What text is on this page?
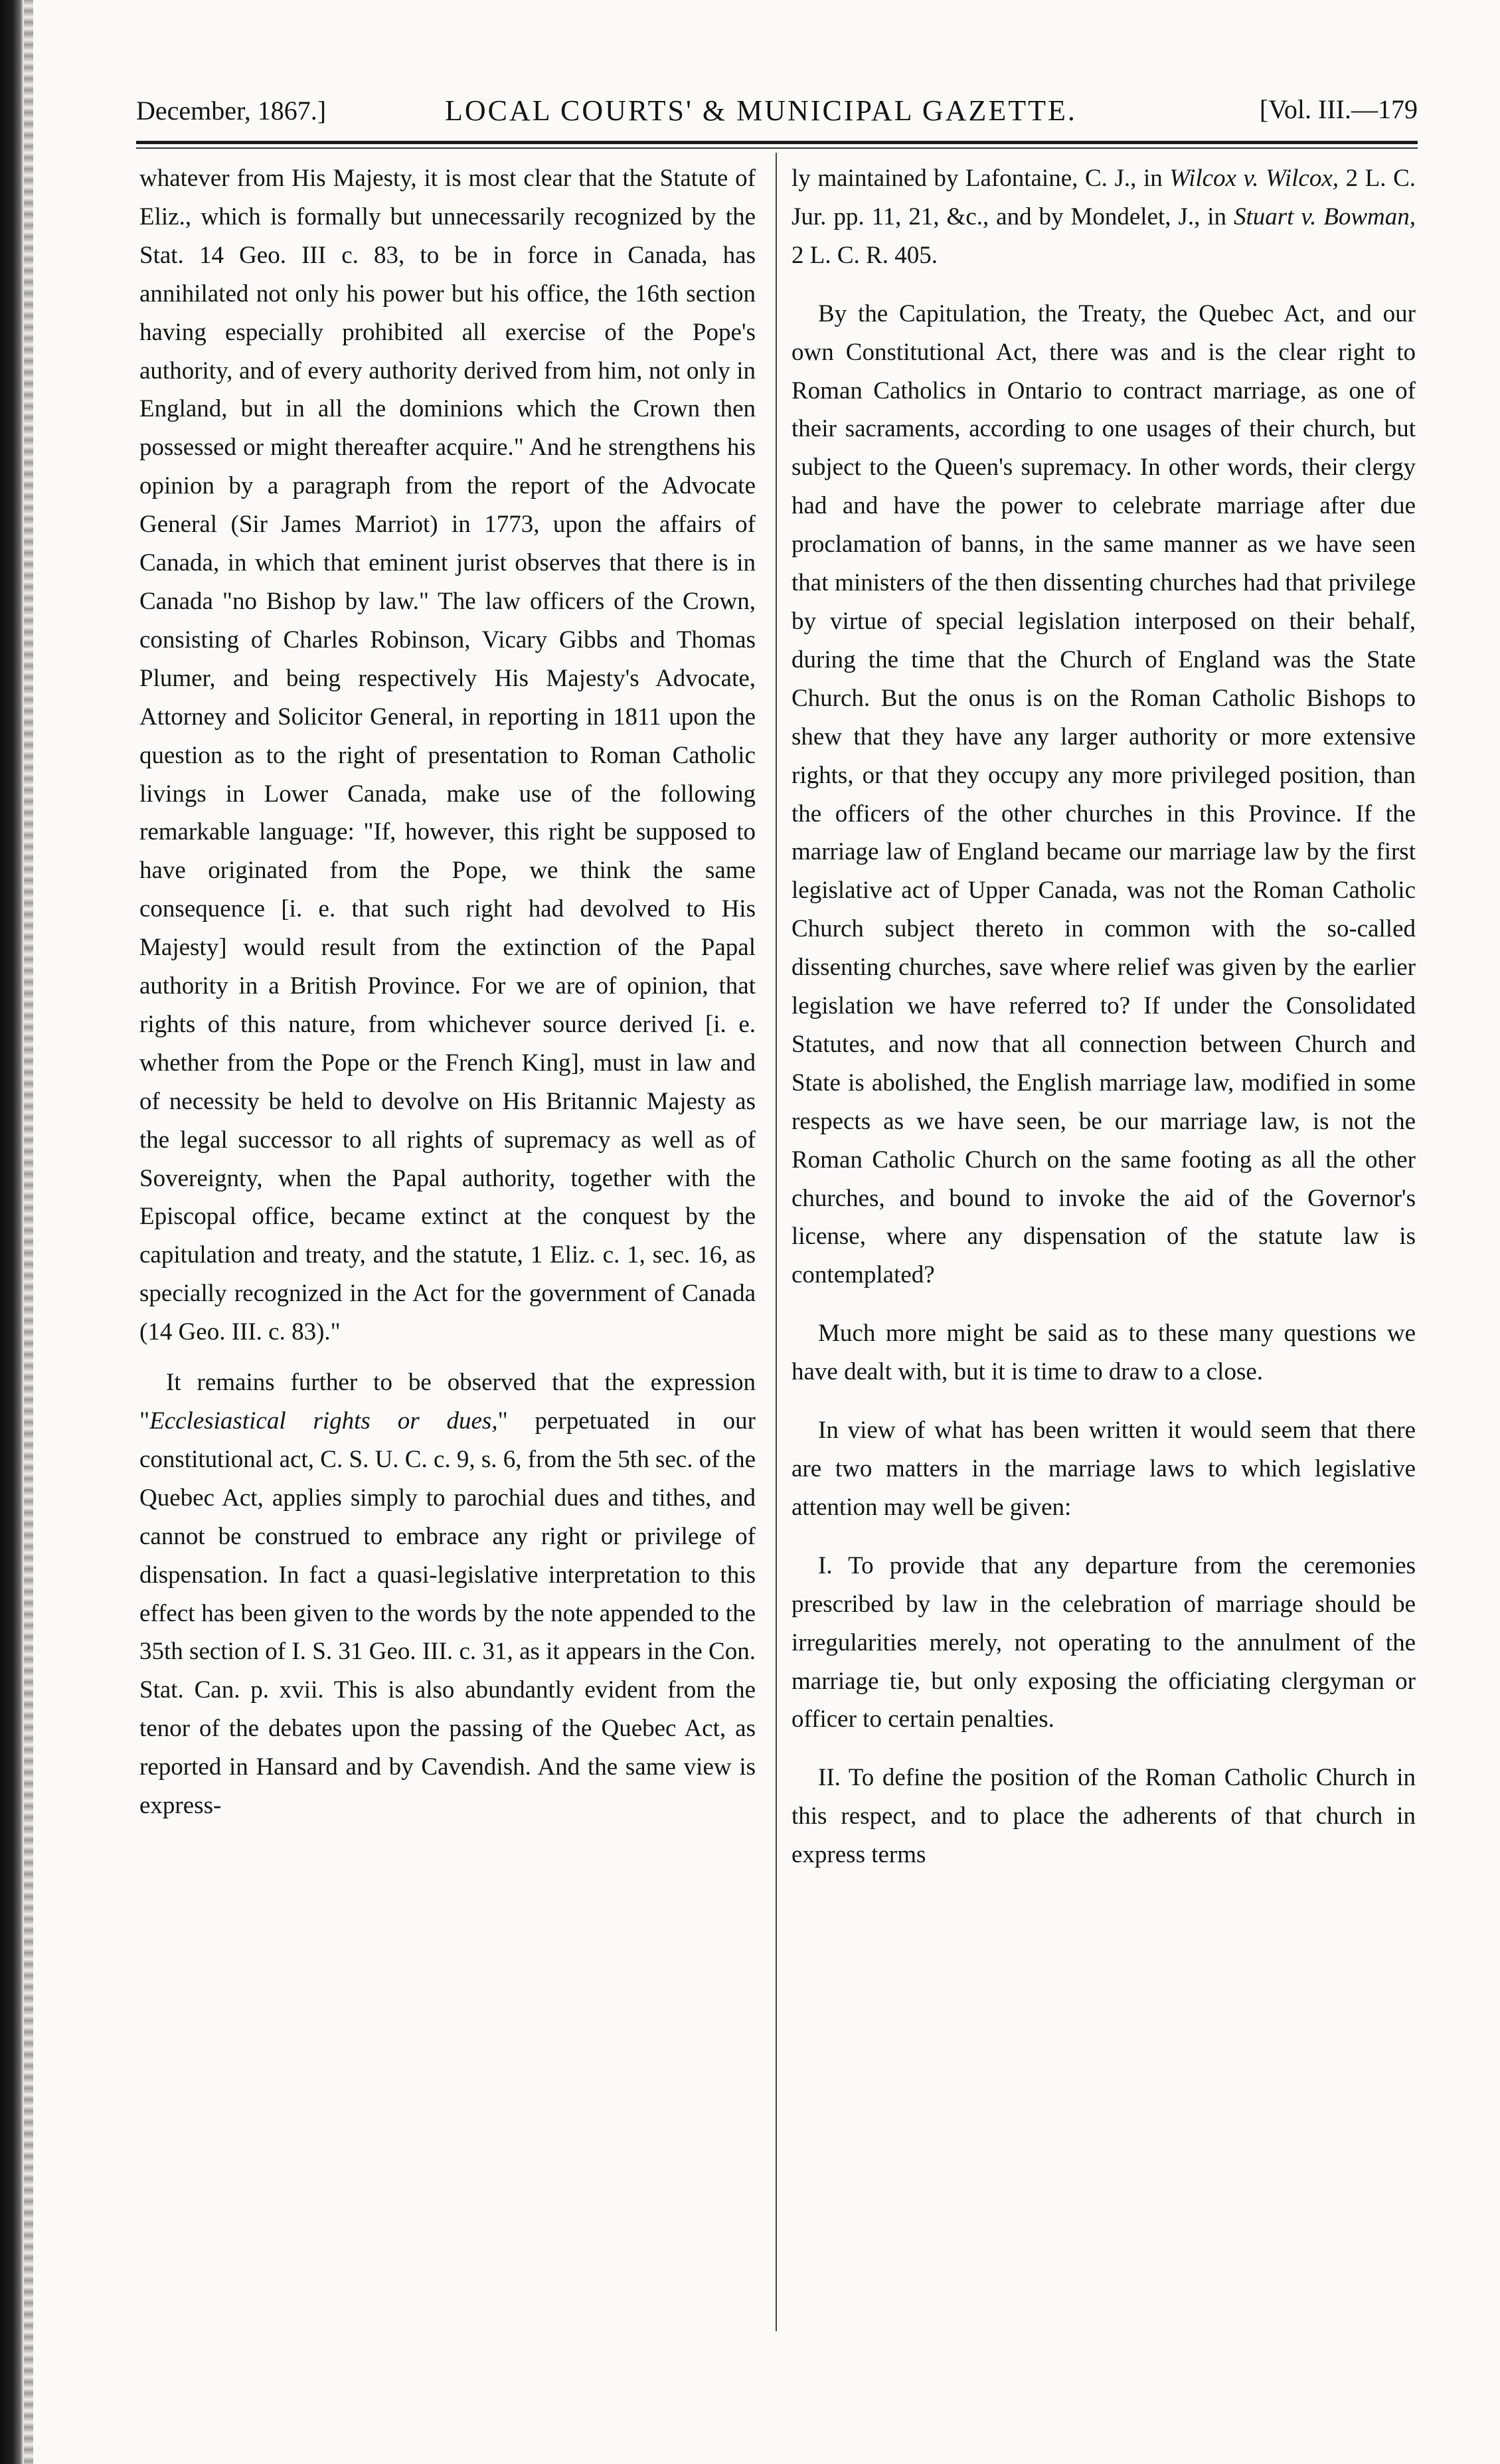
December, 1867.]	LOCAL COURTS' & MUNICIPAL GAZETTE.	[Vol. III.—179

whatever from His Majesty, it is most clear that the Statute of Eliz., which is formally but unnecessarily recognized by the Stat. 14 Geo. III c. 83, to be in force in Canada, has annihilated not only his power but his office, the 16th section having especially prohibited all exercise of the Pope's authority, and of every authority derived from him, not only in England, but in all the dominions which the Crown then possessed or might thereafter acquire." And he strengthens his opinion by a paragraph from the report of the Advocate General (Sir James Marriot) in 1773, upon the affairs of Canada, in which that eminent jurist observes that there is in Canada "no Bishop by law." The law officers of the Crown, consisting of Charles Robinson, Vicary Gibbs and Thomas Plumer, and being respectively His Majesty's Advocate, Attorney and Solicitor General, in reporting in 1811 upon the question as to the right of presentation to Roman Catholic livings in Lower Canada, make use of the following remarkable language: "If, however, this right be supposed to have originated from the Pope, we think the same consequence [i. e. that such right had devolved to His Majesty] would result from the extinction of the Papal authority in a British Province. For we are of opinion, that rights of this nature, from whichever source derived [i. e. whether from the Pope or the French King], must in law and of necessity be held to devolve on His Britannic Majesty as the legal successor to all rights of supremacy as well as of Sovereignty, when the Papal authority, together with the Episcopal office, became extinct at the conquest by the capitulation and treaty, and the statute, 1 Eliz. c. 1, sec. 16, as specially recognized in the Act for the government of Canada (14 Geo. III. c. 83)."

It remains further to be observed that the expression "Ecclesiastical rights or dues," perpetuated in our constitutional act, C. S. U. C. c. 9, s. 6, from the 5th sec. of the Quebec Act, applies simply to parochial dues and tithes, and cannot be construed to embrace any right or privilege of dispensation. In fact a quasi-legislative interpretation to this effect has been given to the words by the note appended to the 35th section of I. S. 31 Geo. III. c. 31, as it appears in the Con. Stat. Can. p. xvii. This is also abundantly evident from the tenor of the debates upon the passing of the Quebec Act, as reported in Hansard and by Cavendish. And the same view is express-

ly maintained by Lafontaine, C. J., in Wilcox v. Wilcox, 2 L. C. Jur. pp. 11, 21, &c., and by Mondelet, J., in Stuart v. Bowman, 2 L. C. R. 405.

By the Capitulation, the Treaty, the Quebec Act, and our own Constitutional Act, there was and is the clear right to Roman Catholics in Ontario to contract marriage, as one of their sacraments, according to one usages of their church, but subject to the Queen's supremacy. In other words, their clergy had and have the power to celebrate marriage after due proclamation of banns, in the same manner as we have seen that ministers of the then dissenting churches had that privilege by virtue of special legislation interposed on their behalf, during the time that the Church of England was the State Church. But the onus is on the Roman Catholic Bishops to shew that they have any larger authority or more extensive rights, or that they occupy any more privileged position, than the officers of the other churches in this Province. If the marriage law of England became our marriage law by the first legislative act of Upper Canada, was not the Roman Catholic Church subject thereto in common with the so-called dissenting churches, save where relief was given by the earlier legislation we have referred to? If under the Consolidated Statutes, and now that all connection between Church and State is abolished, the English marriage law, modified in some respects as we have seen, be our marriage law, is not the Roman Catholic Church on the same footing as all the other churches, and bound to invoke the aid of the Governor's license, where any dispensation of the statute law is contemplated?

Much more might be said as to these many questions we have dealt with, but it is time to draw to a close.

In view of what has been written it would seem that there are two matters in the marriage laws to which legislative attention may well be given:

I. To provide that any departure from the ceremonies prescribed by law in the celebration of marriage should be irregularities merely, not operating to the annulment of the marriage tie, but only exposing the officiating clergyman or officer to certain penalties.

II. To define the position of the Roman Catholic Church in this respect, and to place the adherents of that church in express terms
